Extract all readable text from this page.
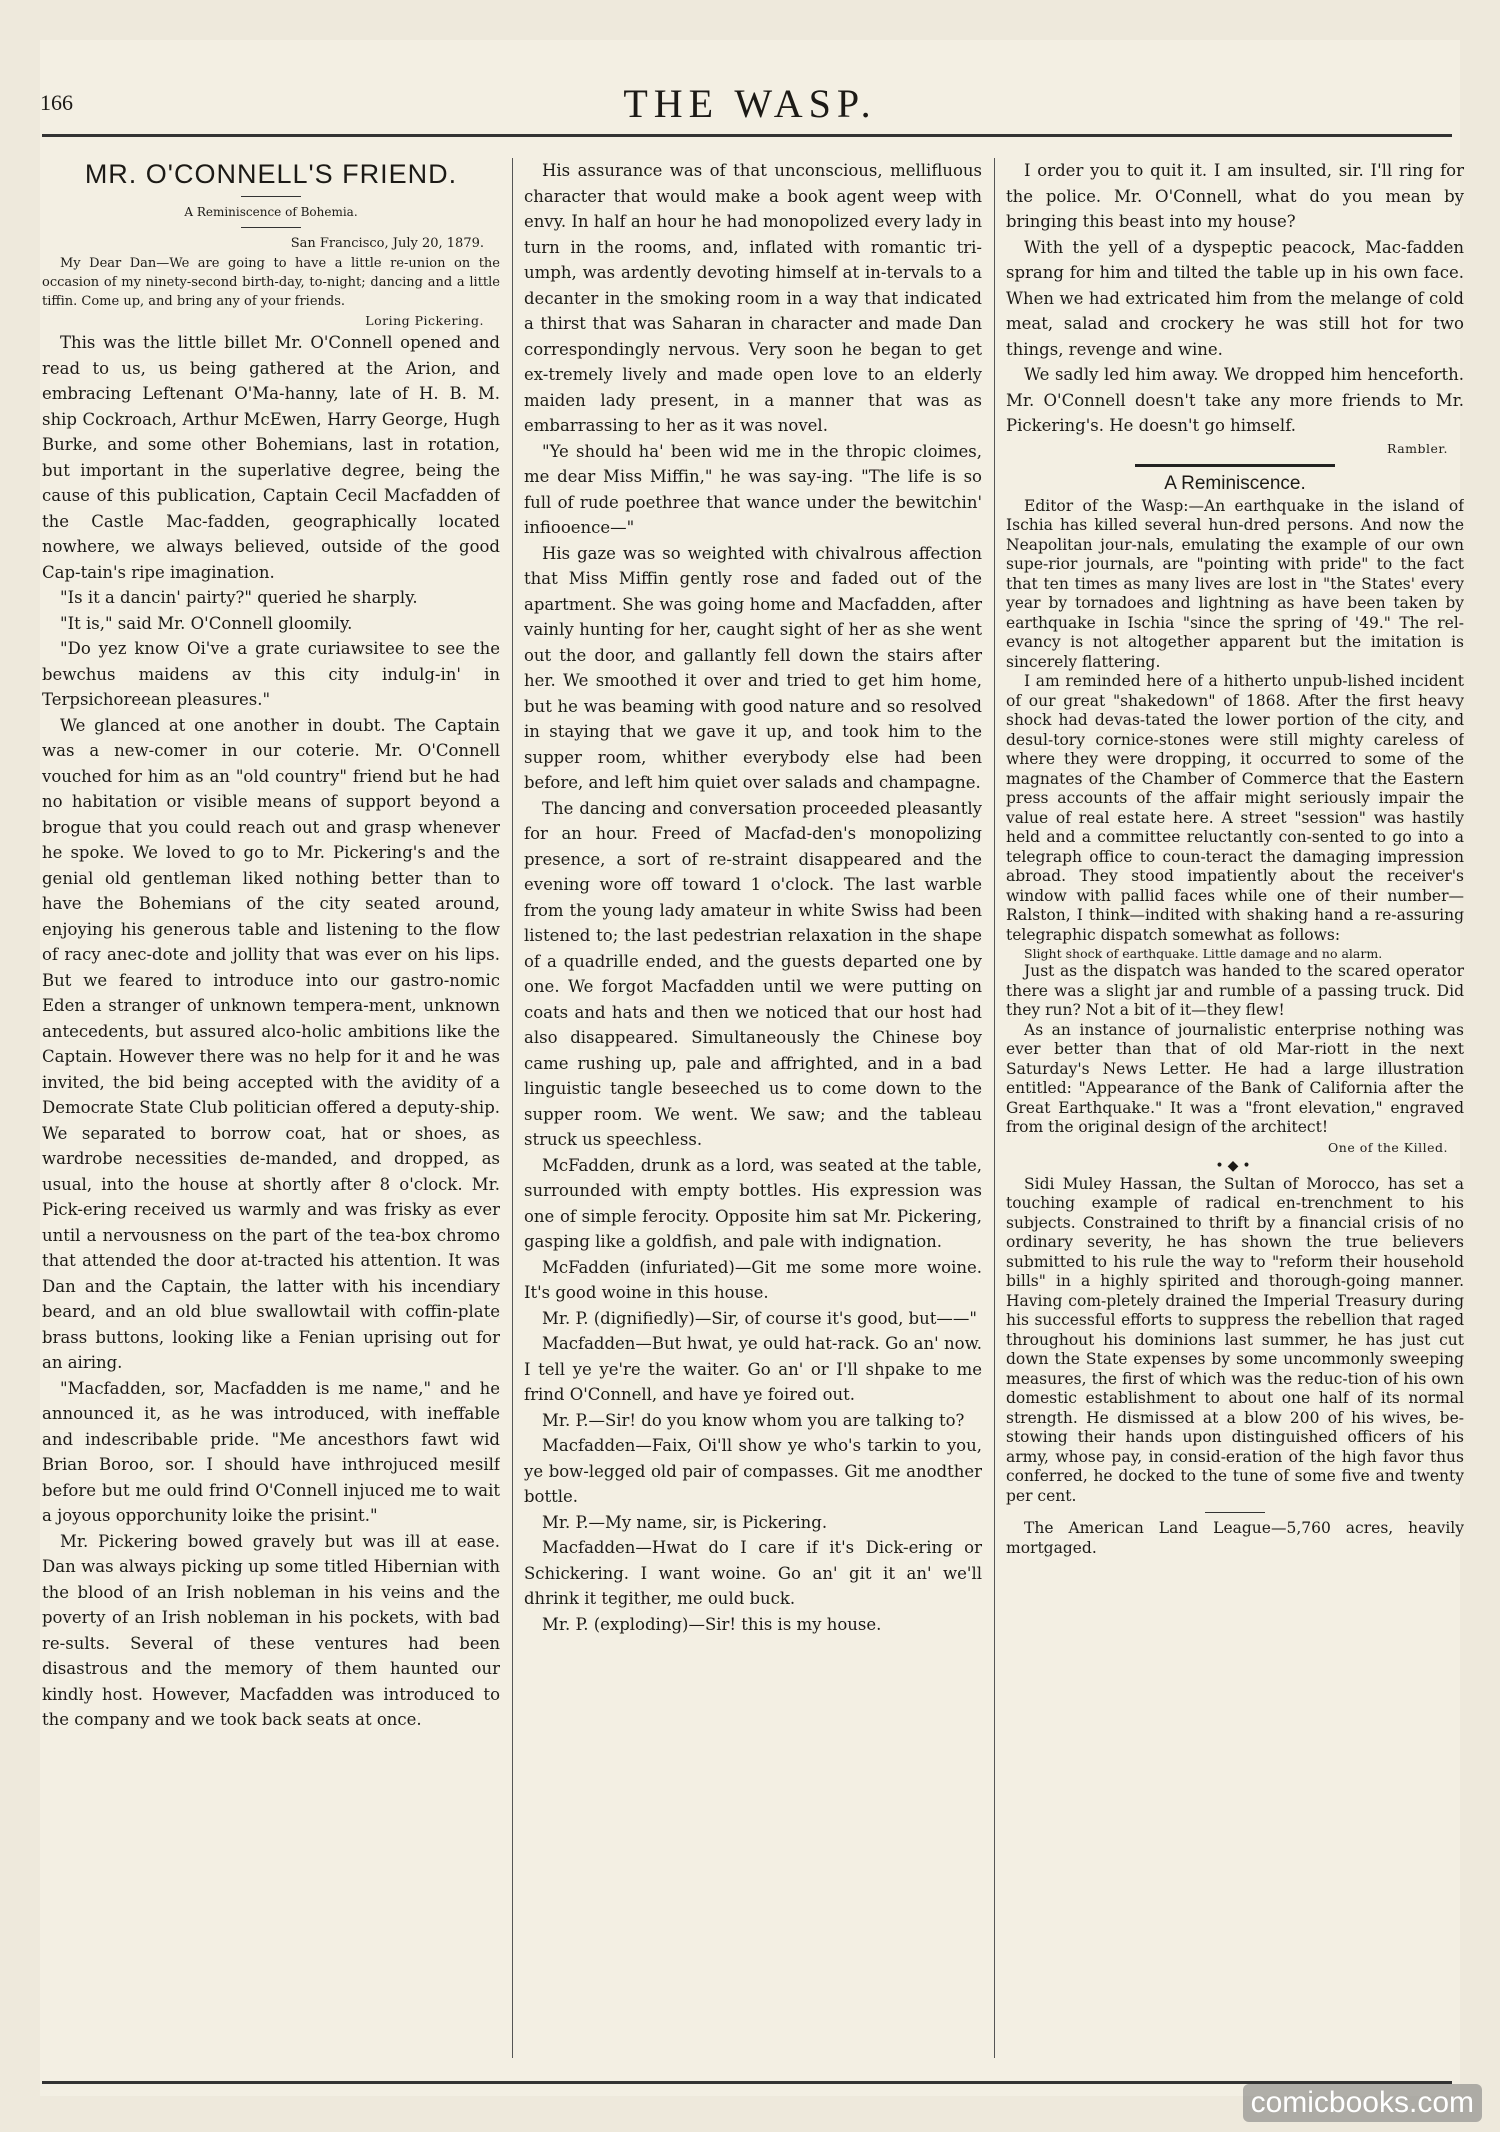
166	THE WASP.

MR. O'CONNELL'S FRIEND.

A Reminiscence of Bohemia.

San Francisco, July 20, 1879.

My Dear Dan—We are going to have a little re-union on the occasion of my ninety-second birth-day, to-night; dancing and a little tiffin. Come up, and bring any of your friends.

Loring Pickering.

This was the little billet Mr. O'Connell opened and read to us, us being gathered at the Arion, and embracing Leftenant O'Ma-hanny, late of H. B. M. ship Cockroach, Arthur McEwen, Harry George, Hugh Burke, and some other Bohemians, last in rotation, but important in the superlative degree, being the cause of this publication, Captain Cecil Macfadden of the Castle Mac-fadden, geographically located nowhere, we always believed, outside of the good Cap-tain's ripe imagination.

"Is it a dancin' pairty?" queried he sharply.

"It is," said Mr. O'Connell gloomily.

"Do yez know Oi've a grate curiawsitee to see the bewchus maidens av this city indulg-in' in Terpsichoreean pleasures."

We glanced at one another in doubt. The Captain was a new-comer in our coterie. Mr. O'Connell vouched for him as an "old country" friend but he had no habitation or visible means of support beyond a brogue that you could reach out and grasp whenever he spoke. We loved to go to Mr. Pickering's and the genial old gentleman liked nothing better than to have the Bohemians of the city seated around, enjoying his generous table and listening to the flow of racy anec-dote and jollity that was ever on his lips. But we feared to introduce into our gastro-nomic Eden a stranger of unknown tempera-ment, unknown antecedents, but assured alco-holic ambitions like the Captain. However there was no help for it and he was invited, the bid being accepted with the avidity of a Democrate State Club politician offered a deputy-ship. We separated to borrow coat, hat or shoes, as wardrobe necessities de-manded, and dropped, as usual, into the house at shortly after 8 o'clock. Mr. Pick-ering received us warmly and was frisky as ever until a nervousness on the part of the tea-box chromo that attended the door at-tracted his attention. It was Dan and the Captain, the latter with his incendiary beard, and an old blue swallowtail with coffin-plate brass buttons, looking like a Fenian uprising out for an airing.

"Macfadden, sor, Macfadden is me name," and he announced it, as he was introduced, with ineffable and indescribable pride. "Me ancesthors fawt wid Brian Boroo, sor. I should have inthrojuced mesilf before but me ould frind O'Connell injuced me to wait a joyous opporchunity loike the prisint."

Mr. Pickering bowed gravely but was ill at ease. Dan was always picking up some titled Hibernian with the blood of an Irish nobleman in his veins and the poverty of an Irish nobleman in his pockets, with bad re-sults. Several of these ventures had been disastrous and the memory of them haunted our kindly host. However, Macfadden was introduced to the company and we took back seats at once.

His assurance was of that unconscious, mellifluous character that would make a book agent weep with envy. In half an hour he had monopolized every lady in turn in the rooms, and, inflated with romantic tri-umph, was ardently devoting himself at in-tervals to a decanter in the smoking room in a way that indicated a thirst that was Saharan in character and made Dan correspondingly nervous. Very soon he began to get ex-tremely lively and made open love to an elderly maiden lady present, in a manner that was as embarrassing to her as it was novel.

"Ye should ha' been wid me in the thropic cloimes, me dear Miss Miffin," he was say-ing. "The life is so full of rude poethree that wance under the bewitchin' infiooence—"

His gaze was so weighted with chivalrous affection that Miss Miffin gently rose and faded out of the apartment. She was going home and Macfadden, after vainly hunting for her, caught sight of her as she went out the door, and gallantly fell down the stairs after her. We smoothed it over and tried to get him home, but he was beaming with good nature and so resolved in staying that we gave it up, and took him to the supper room, whither everybody else had been before, and left him quiet over salads and champagne.

The dancing and conversation proceeded pleasantly for an hour. Freed of Macfad-den's monopolizing presence, a sort of re-straint disappeared and the evening wore off toward 1 o'clock. The last warble from the young lady amateur in white Swiss had been listened to; the last pedestrian relaxation in the shape of a quadrille ended, and the guests departed one by one. We forgot Macfadden until we were putting on coats and hats and then we noticed that our host had also disappeared. Simultaneously the Chinese boy came rushing up, pale and affrighted, and in a bad linguistic tangle beseeched us to come down to the supper room. We went. We saw; and the tableau struck us speechless.

McFadden, drunk as a lord, was seated at the table, surrounded with empty bottles. His expression was one of simple ferocity. Opposite him sat Mr. Pickering, gasping like a goldfish, and pale with indignation.

McFadden (infuriated)—Git me some more woine. It's good woine in this house.

Mr. P. (dignifiedly)—Sir, of course it's good, but——"

Macfadden—But hwat, ye ould hat-rack. Go an' now. I tell ye ye're the waiter. Go an' or I'll shpake to me frind O'Connell, and have ye foired out.

Mr. P.—Sir! do you know whom you are talking to?

Macfadden—Faix, Oi'll show ye who's tarkin to you, ye bow-legged old pair of compasses. Git me anodther bottle.

Mr. P.—My name, sir, is Pickering.

Macfadden—Hwat do I care if it's Dick-ering or Schickering. I want woine. Go an' git it an' we'll dhrink it tegither, me ould buck.

Mr. P. (exploding)—Sir! this is my house.

I order you to quit it. I am insulted, sir. I'll ring for the police. Mr. O'Connell, what do you mean by bringing this beast into my house?

With the yell of a dyspeptic peacock, Mac-fadden sprang for him and tilted the table up in his own face. When we had extricated him from the melange of cold meat, salad and crockery he was still hot for two things, revenge and wine.

We sadly led him away. We dropped him henceforth. Mr. O'Connell doesn't take any more friends to Mr. Pickering's. He doesn't go himself.

Rambler.

A Reminiscence.

Editor of the Wasp:—An earthquake in the island of Ischia has killed several hun-dred persons. And now the Neapolitan jour-nals, emulating the example of our own supe-rior journals, are "pointing with pride" to the fact that ten times as many lives are lost in "the States' every year by tornadoes and lightning as have been taken by earthquake in Ischia "since the spring of '49." The rel-evancy is not altogether apparent but the imitation is sincerely flattering.

I am reminded here of a hitherto unpub-lished incident of our great "shakedown" of 1868. After the first heavy shock had devas-tated the lower portion of the city, and desul-tory cornice-stones were still mighty careless of where they were dropping, it occurred to some of the magnates of the Chamber of Commerce that the Eastern press accounts of the affair might seriously impair the value of real estate here. A street "session" was hastily held and a committee reluctantly con-sented to go into a telegraph office to coun-teract the damaging impression abroad. They stood impatiently about the receiver's window with pallid faces while one of their number—Ralston, I think—indited with shaking hand a re-assuring telegraphic dispatch somewhat as follows:

Slight shock of earthquake. Little damage and no alarm.

Just as the dispatch was handed to the scared operator there was a slight jar and rumble of a passing truck. Did they run? Not a bit of it—they flew!

As an instance of journalistic enterprise nothing was ever better than that of old Mar-riott in the next Saturday's News Letter. He had a large illustration entitled: "Appearance of the Bank of California after the Great Earthquake." It was a "front elevation," engraved from the original design of the architect!

One of the Killed.

•◆•

Sidi Muley Hassan, the Sultan of Morocco, has set a touching example of radical en-trenchment to his subjects. Constrained to thrift by a financial crisis of no ordinary severity, he has shown the true believers submitted to his rule the way to "reform their household bills" in a highly spirited and thorough-going manner. Having com-pletely drained the Imperial Treasury during his successful efforts to suppress the rebellion that raged throughout his dominions last summer, he has just cut down the State expenses by some uncommonly sweeping measures, the first of which was the reduc-tion of his own domestic establishment to about one half of its normal strength. He dismissed at a blow 200 of his wives, be-stowing their hands upon distinguished officers of his army, whose pay, in consid-eration of the high favor thus conferred, he docked to the tune of some five and twenty per cent.

The American Land League—5,760 acres, heavily mortgaged.

comicbooks.com
